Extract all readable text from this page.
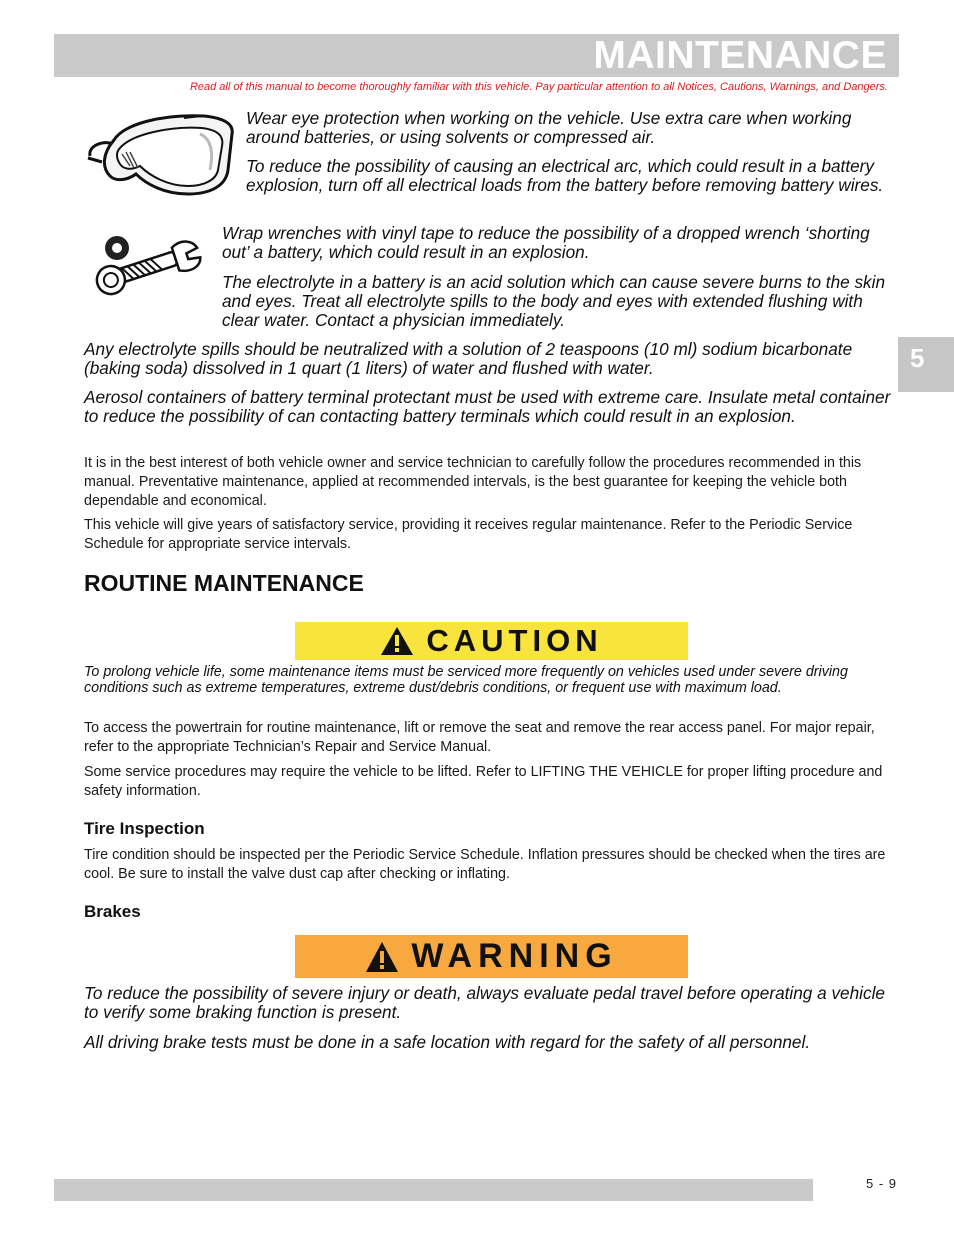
MAINTENANCE
Read all of this manual to become thoroughly familiar with this vehicle. Pay particular attention to all Notices, Cautions, Warnings, and Dangers.
5
Wear eye protection when working on the vehicle. Use extra care when working around batteries, or using solvents or compressed air.
To reduce the possibility of causing an electrical arc, which could result in a battery explosion, turn off all electrical loads from the battery before removing battery wires.
Wrap wrenches with vinyl tape to reduce the possibility of a dropped wrench ‘shorting out’ a battery, which could result in an explosion.
The electrolyte in a battery is an acid solution which can cause severe burns to the skin and eyes. Treat all electrolyte spills to the body and eyes with extended flushing with clear water. Contact a physician immediately.
Any electrolyte spills should be neutralized with a solution of 2 teaspoons (10 ml) sodium bicarbonate (baking soda) dissolved in 1 quart (1 liters) of water and flushed with water.
Aerosol containers of battery terminal protectant must be used with extreme care. Insulate metal container to reduce the possibility of can contacting battery terminals which could result in an explosion.
It is in the best interest of both vehicle owner and service technician to carefully follow the procedures recommended in this manual. Preventative maintenance, applied at recommended intervals, is the best guarantee for keeping the vehicle both dependable and economical.
This vehicle will give years of satisfactory service, providing it receives regular maintenance. Refer to the Periodic Service Schedule for appropriate service intervals.
ROUTINE MAINTENANCE
CAUTION
To prolong vehicle life, some maintenance items must be serviced more frequently on vehicles used under severe driving conditions such as extreme temperatures, extreme dust/debris conditions, or frequent use with maximum load.
To access the powertrain for routine maintenance, lift or remove the seat and remove the rear access panel. For major repair, refer to the appropriate Technician’s Repair and Service Manual.
Some service procedures may require the vehicle to be lifted. Refer to LIFTING THE VEHICLE for proper lifting procedure and safety information.
Tire Inspection
Tire condition should be inspected per the Periodic Service Schedule. Inflation pressures should be checked when the tires are cool. Be sure to install the valve dust cap after checking or inflating.
Brakes
WARNING
To reduce the possibility of severe injury or death, always evaluate pedal travel before operating a vehicle to verify some braking function is present.
All driving brake tests must be done in a safe location with regard for the safety of all personnel.
5 - 9
